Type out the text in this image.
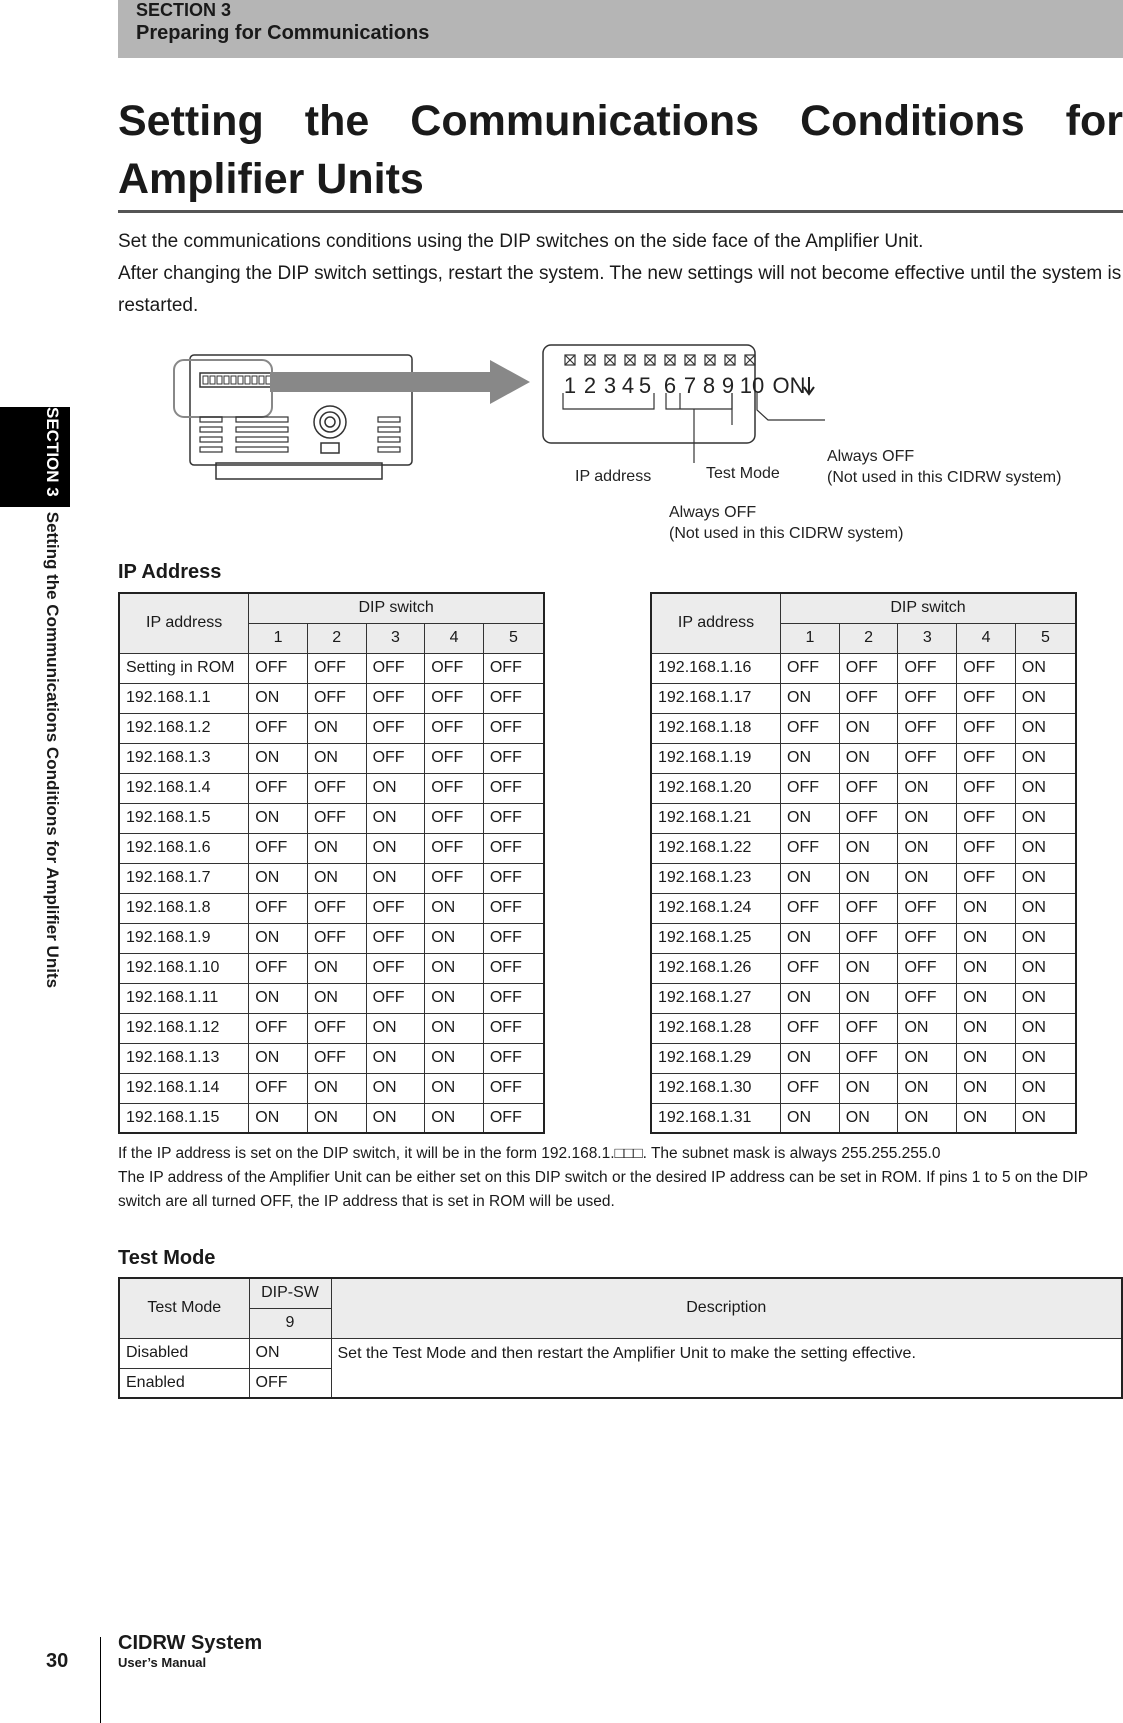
SECTION 3
Preparing for Communications
SECTION 3 Setting the Communications Conditions for Amplifier Units
Setting the Communications Conditions for Amplifier Units

Set the communications conditions using the DIP switches on the side face of the Amplifier Unit.

After changing the DIP switch settings, restart the system. The new settings will not become effective until the system is restarted.

1 2 3 4 5 6 7 8 9 10 ON
IP address	Test Mode
Always OFF
(Not used in this CIDRW system)
Always OFF
(Not used in this CIDRW system)
IP Address
IP address	DIP switch				
	1	2	3	4	5
Setting in ROM	OFF	OFF	OFF	OFF	OFF
192.168.1.1	ON	OFF	OFF	OFF	OFF
192.168.1.2	OFF	ON	OFF	OFF	OFF
192.168.1.3	ON	ON	OFF	OFF	OFF
192.168.1.4	OFF	OFF	ON	OFF	OFF
192.168.1.5	ON	OFF	ON	OFF	OFF
192.168.1.6	OFF	ON	ON	OFF	OFF
192.168.1.7	ON	ON	ON	OFF	OFF
192.168.1.8	OFF	OFF	OFF	ON	OFF
192.168.1.9	ON	OFF	OFF	ON	OFF
192.168.1.10	OFF	ON	OFF	ON	OFF
192.168.1.11	ON	ON	OFF	ON	OFF
192.168.1.12	OFF	OFF	ON	ON	OFF
192.168.1.13	ON	OFF	ON	ON	OFF
192.168.1.14	OFF	ON	ON	ON	OFF
192.168.1.15	ON	ON	ON	ON	OFF
IP address	DIP switch				
	1	2	3	4	5
192.168.1.16	OFF	OFF	OFF	OFF	ON
192.168.1.17	ON	OFF	OFF	OFF	ON
192.168.1.18	OFF	ON	OFF	OFF	ON
192.168.1.19	ON	ON	OFF	OFF	ON
192.168.1.20	OFF	OFF	ON	OFF	ON
192.168.1.21	ON	OFF	ON	OFF	ON
192.168.1.22	OFF	ON	ON	OFF	ON
192.168.1.23	ON	ON	ON	OFF	ON
192.168.1.24	OFF	OFF	OFF	ON	ON
192.168.1.25	ON	OFF	OFF	ON	ON
192.168.1.26	OFF	ON	OFF	ON	ON
192.168.1.27	ON	ON	OFF	ON	ON
192.168.1.28	OFF	OFF	ON	ON	ON
192.168.1.29	ON	OFF	ON	ON	ON
192.168.1.30	OFF	ON	ON	ON	ON
192.168.1.31	ON	ON	ON	ON	ON

If the IP address is set on the DIP switch, it will be in the form 192.168.1.□□□. The subnet mask is always 255.255.255.0

The IP address of the Amplifier Unit can be either set on this DIP switch or the desired IP address can be set in ROM. If pins 1 to 5 on the DIP switch are all turned OFF, the IP address that is set in ROM will be used.

Test Mode
Test Mode	DIP-SW	Description
	9	
Disabled	ON	Set the Test Mode and then restart the Amplifier Unit to make the setting effective.
Enabled	OFF	
30
CIDRW System
User’s Manual
